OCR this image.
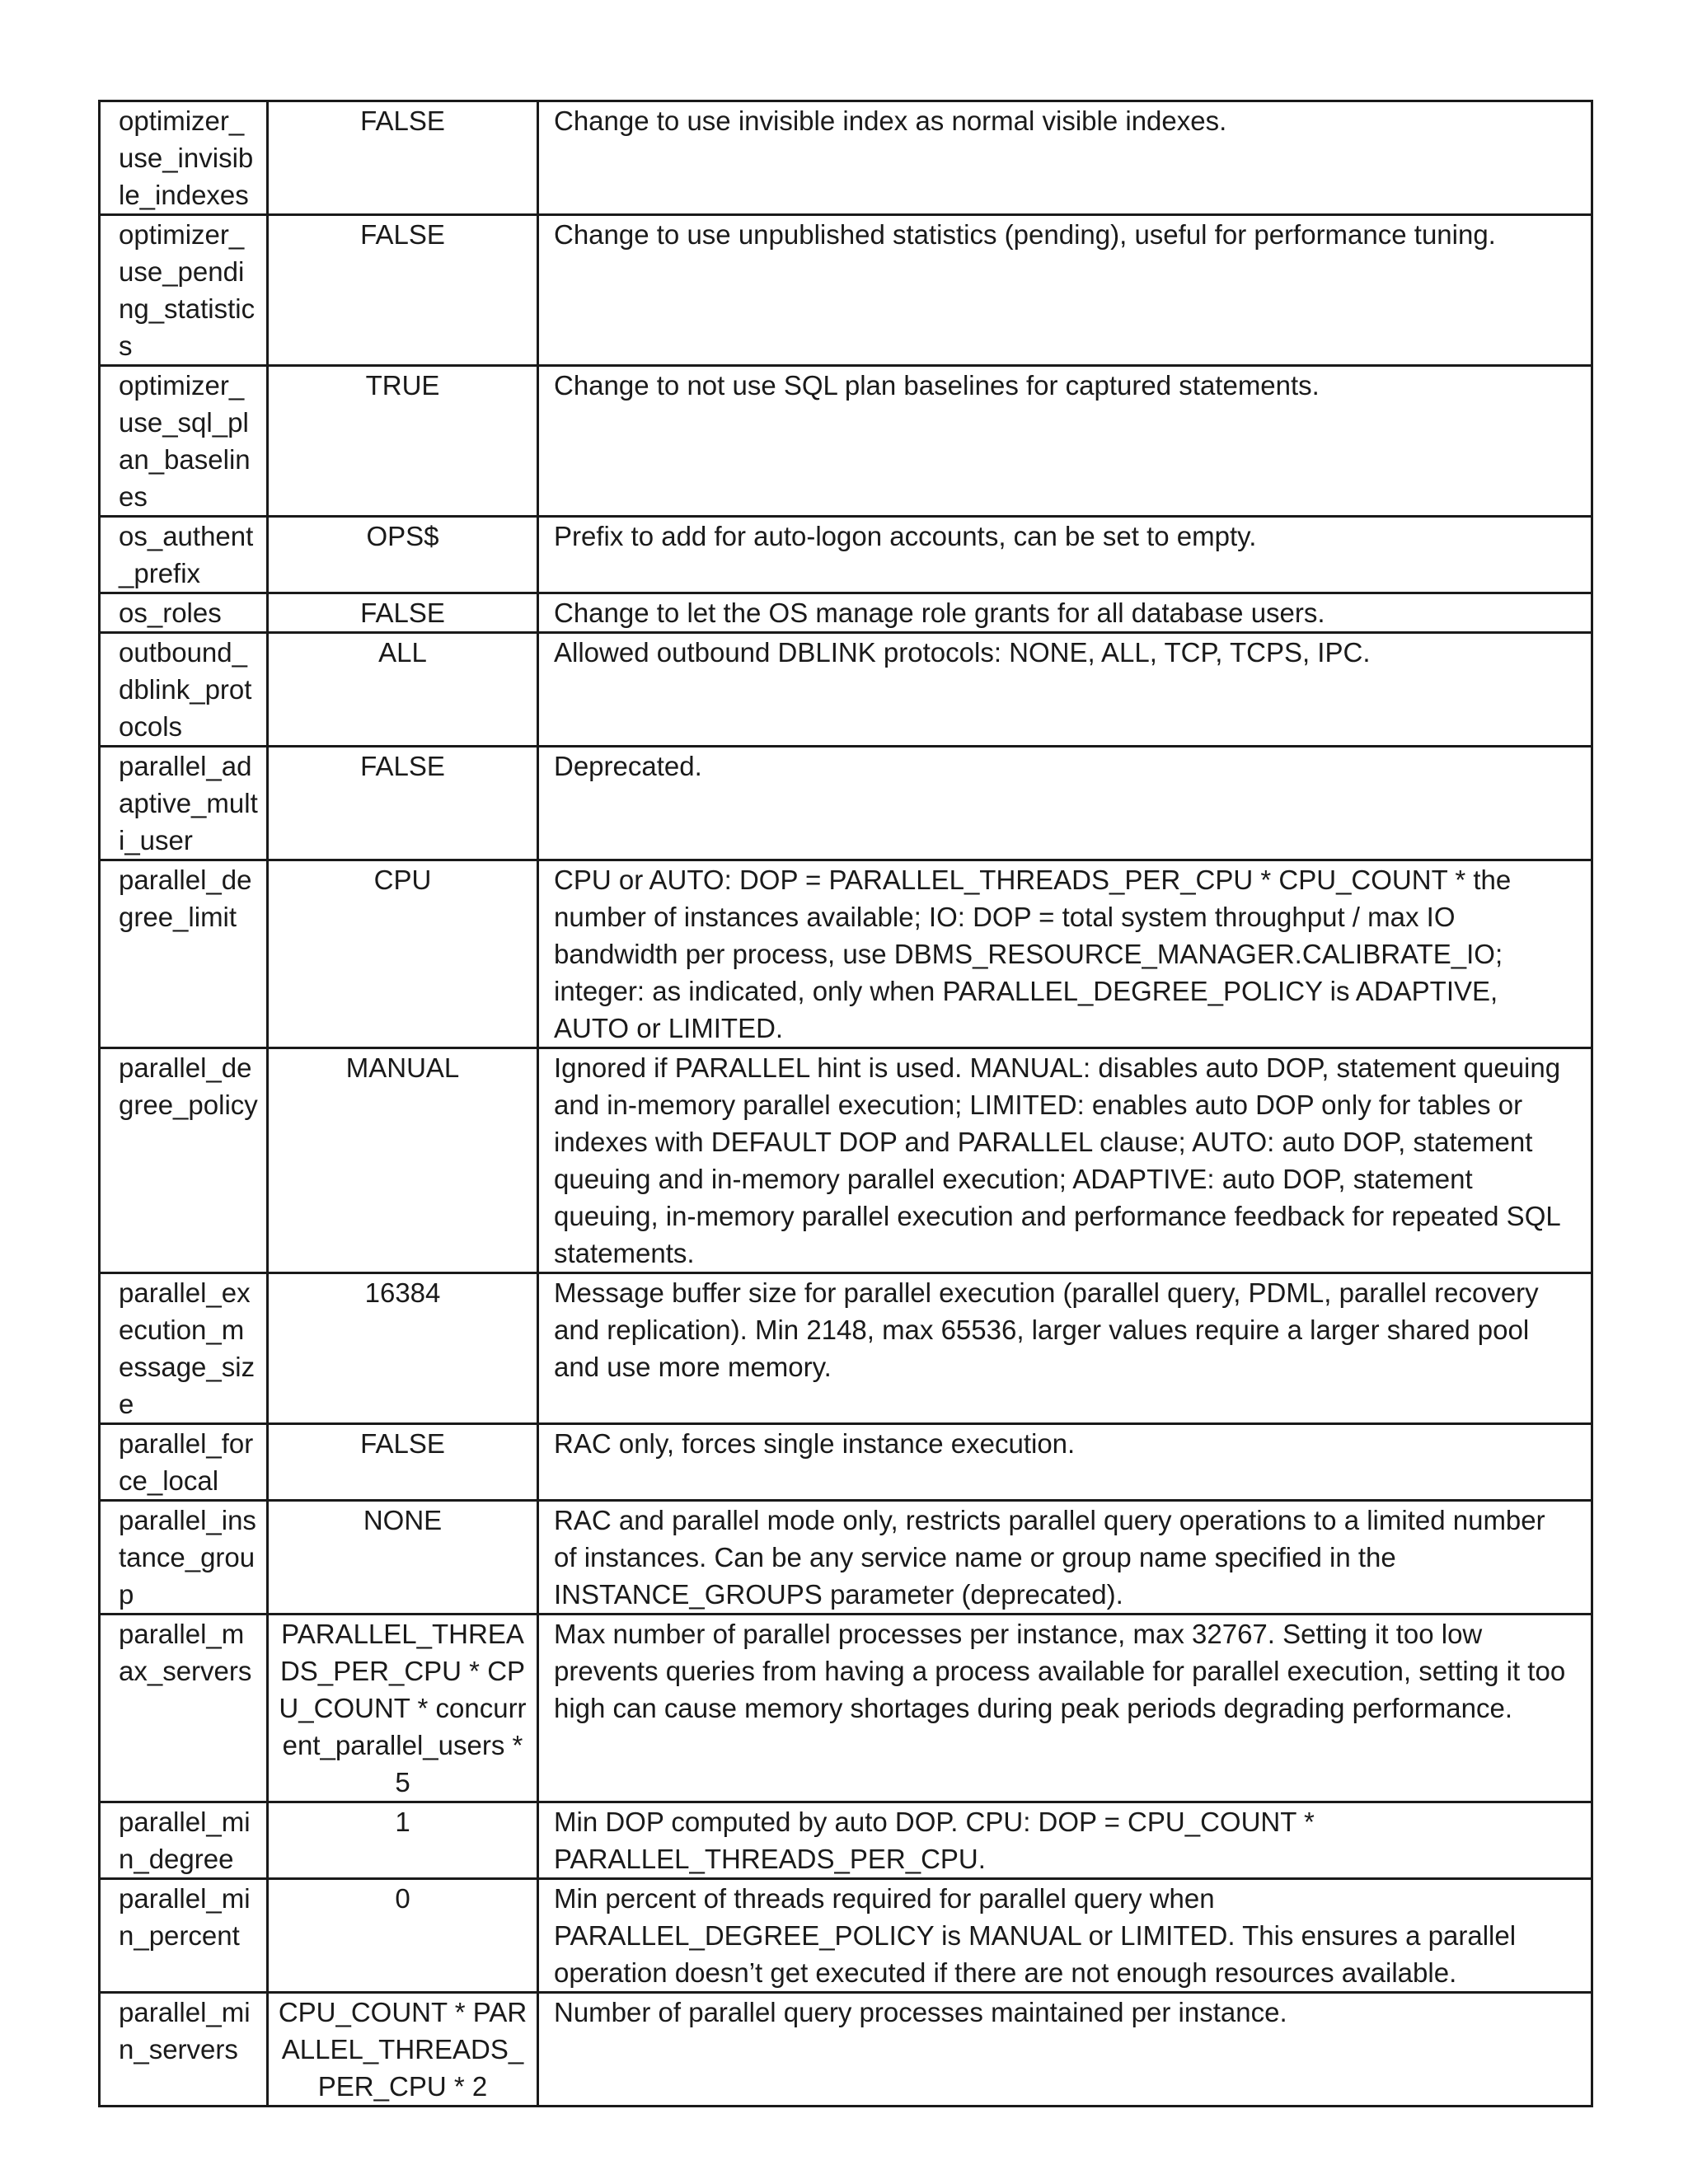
optimizer_use_invisible_indexes	FALSE	Change to use invisible index as normal visible indexes.
optimizer_use_pending_statistics	FALSE	Change to use unpublished statistics (pending), useful for performance tuning.
optimizer_use_sql_plan_baselines	TRUE	Change to not use SQL plan baselines for captured statements.
os_authent_prefix	OPS$	Prefix to add for auto-logon accounts, can be set to empty.
os_roles	FALSE	Change to let the OS manage role grants for all database users.
outbound_dblink_protocols	ALL	Allowed outbound DBLINK protocols: NONE, ALL, TCP, TCPS, IPC.
parallel_adaptive_multi_user	FALSE	Deprecated.
parallel_degree_limit	CPU	CPU or AUTO: DOP = PARALLEL_THREADS_PER_CPU * CPU_COUNT * the number of instances available; IO: DOP = total system throughput / max IO bandwidth per process, use DBMS_RESOURCE_MANAGER.CALIBRATE_IO; integer: as indicated, only when PARALLEL_DEGREE_POLICY is ADAPTIVE, AUTO or LIMITED.
parallel_degree_policy	MANUAL	Ignored if PARALLEL hint is used. MANUAL: disables auto DOP, statement queuing and in-memory parallel execution; LIMITED: enables auto DOP only for tables or indexes with DEFAULT DOP and PARALLEL clause; AUTO: auto DOP, statement queuing and in-memory parallel execution; ADAPTIVE: auto DOP, statement queuing, in-memory parallel execution and performance feedback for repeated SQL statements.
parallel_execution_message_size	16384	Message buffer size for parallel execution (parallel query, PDML, parallel recovery and replication). Min 2148, max 65536, larger values require a larger shared pool and use more memory.
parallel_force_local	FALSE	RAC only, forces single instance execution.
parallel_instance_group	NONE	RAC and parallel mode only, restricts parallel query operations to a limited number of instances. Can be any service name or group name specified in the INSTANCE_GROUPS parameter (deprecated).
parallel_max_servers	PARALLEL_THREADS_PER_CPU * CPU_COUNT * concurrent_parallel_users * 5	Max number of parallel processes per instance, max 32767. Setting it too low prevents queries from having a process available for parallel execution, setting it too high can cause memory shortages during peak periods degrading performance.
parallel_min_degree	1	Min DOP computed by auto DOP. CPU: DOP = CPU_COUNT * PARALLEL_THREADS_PER_CPU.
parallel_min_percent	0	Min percent of threads required for parallel query when PARALLEL_DEGREE_POLICY is MANUAL or LIMITED. This ensures a parallel operation doesn’t get executed if there are not enough resources available.
parallel_min_servers	CPU_COUNT * PARALLEL_THREADS_PER_CPU * 2	Number of parallel query processes maintained per instance.
